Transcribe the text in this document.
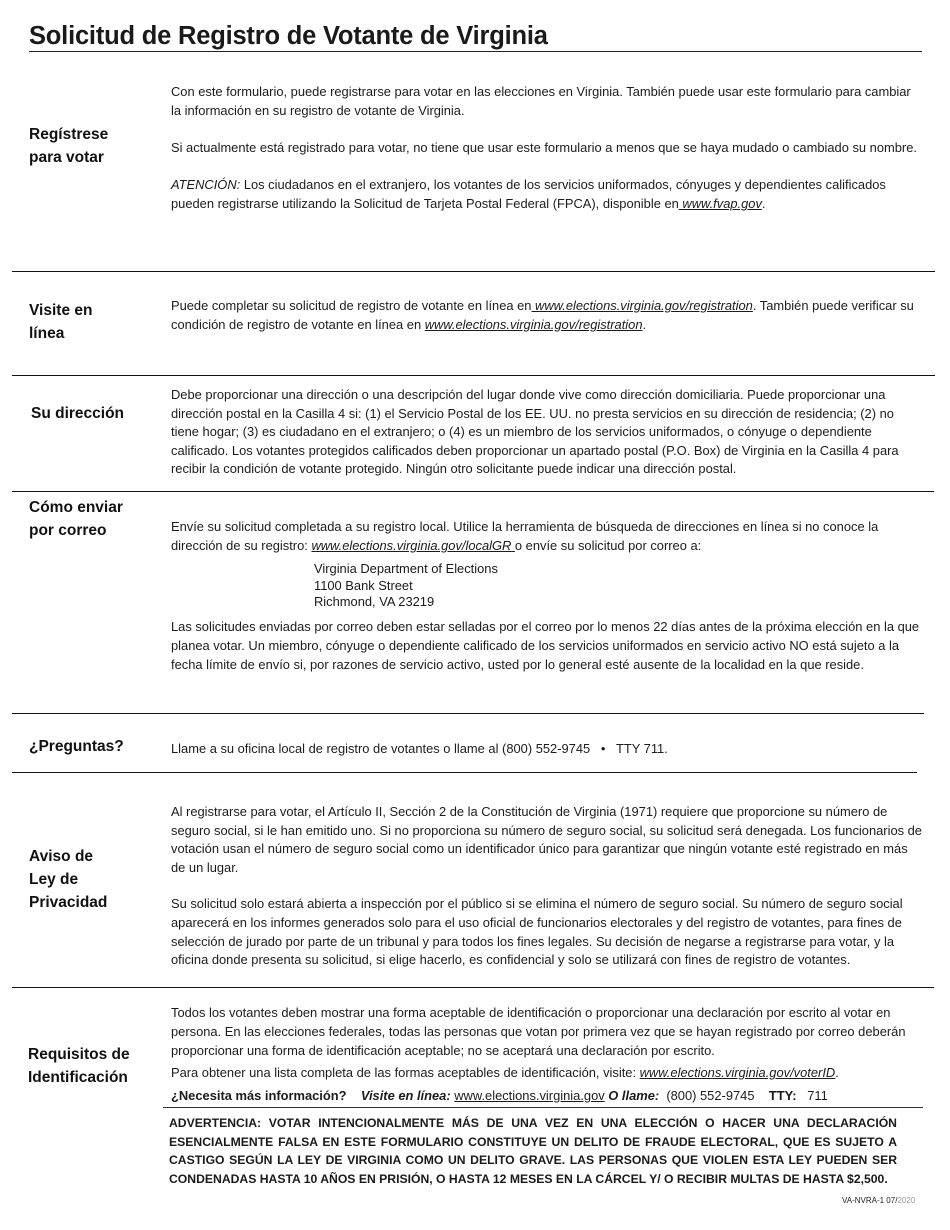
Solicitud de Registro de Votante de Virginia
Regístrese
para votar

Con este formulario, puede registrarse para votar en las elecciones en Virginia. También puede usar este formulario para cambiar la información en su registro de votante de Virginia.

Si actualmente está registrado para votar, no tiene que usar este formulario a menos que se haya mudado o cambiado su nombre.

ATENCIÓN: Los ciudadanos en el extranjero, los votantes de los servicios uniformados, cónyuges y dependientes calificados pueden registrarse utilizando la Solicitud de Tarjeta Postal Federal (FPCA), disponible en www.fvap.gov.

Visite en
línea

Puede completar su solicitud de registro de votante en línea en www.elections.virginia.gov/registration. También puede verificar su condición de registro de votante en línea en www.elections.virginia.gov/registration.

Su dirección

Debe proporcionar una dirección o una descripción del lugar donde vive como dirección domiciliaria. Puede proporcionar una dirección postal en la Casilla 4 si: (1) el Servicio Postal de los EE. UU. no presta servicios en su dirección de residencia; (2) no tiene hogar; (3) es ciudadano en el extranjero; o (4) es un miembro de los servicios uniformados, o cónyuge o dependiente calificado. Los votantes protegidos calificados deben proporcionar un apartado postal (P.O. Box) de Virginia en la Casilla 4 para recibir la condición de votante protegido. Ningún otro solicitante puede indicar una dirección postal.

Cómo enviar
por correo	Envíe su solicitud completada a su registro local. Utilice la herramienta de búsqueda de direcciones en línea si no conoce la dirección de su registro: www.elections.virginia.gov/localGR o envíe su solicitud por correo a:

Virginia Department of Elections
1100 Bank Street
Richmond, VA 23219

Las solicitudes enviadas por correo deben estar selladas por el correo por lo menos 22 días antes de la próxima elección en la que planea votar. Un miembro, cónyuge o dependiente calificado de los servicios uniformados en servicio activo NO está sujeto a la fecha límite de envío si, por razones de servicio activo, usted por lo general esté ausente de la localidad en la que reside.

¿Preguntas?	Llame a su oficina local de registro de votantes o llame al (800) 552-9745   •   TTY 711.

Aviso de
Ley de
Privacidad

Al registrarse para votar, el Artículo II, Sección 2 de la Constitución de Virginia (1971) requiere que proporcione su número de seguro social, si le han emitido uno. Si no proporciona su número de seguro social, su solicitud será denegada. Los funcionarios de votación usan el número de seguro social como un identificador único para garantizar que ningún votante esté registrado en más de un lugar.

Su solicitud solo estará abierta a inspección por el público si se elimina el número de seguro social. Su número de seguro social aparecerá en los informes generados solo para el uso oficial de funcionarios electorales y del registro de votantes, para fines de selección de jurado por parte de un tribunal y para todos los fines legales. Su decisión de negarse a registrarse para votar, y la oficina donde presenta su solicitud, si elige hacerlo, es confidencial y solo se utilizará con fines de registro de votantes.

Requisitos de
Identificación

Todos los votantes deben mostrar una forma aceptable de identificación o proporcionar una declaración por escrito al votar en persona. En las elecciones federales, todas las personas que votan por primera vez que se hayan registrado por correo deberán proporcionar una forma de identificación aceptable; no se aceptará una declaración por escrito.

Para obtener una lista completa de las formas aceptables de identificación, visite: www.elections.virginia.gov/voterID.

¿Necesita más información? Visite en línea: www.elections.virginia.gov O llame: (800) 552-9745 TTY: 711

ADVERTENCIA: VOTAR INTENCIONALMENTE MÁS DE UNA VEZ EN UNA ELECCIÓN O HACER UNA DECLARACIÓN ESENCIALMENTE FALSA EN ESTE FORMULARIO CONSTITUYE UN DELITO DE FRAUDE ELECTORAL, QUE ES SUJETO A CASTIGO SEGÚN LA LEY DE VIRGINIA COMO UN DELITO GRAVE. LAS PERSONAS QUE VIOLEN ESTA LEY PUEDEN SER CONDENADAS HASTA 10 AÑOS EN PRISIÓN, O HASTA 12 MESES EN LA CÁRCEL Y/ O RECIBIR MULTAS DE HASTA $2,500.

VA-NVRA-1 07/2020
